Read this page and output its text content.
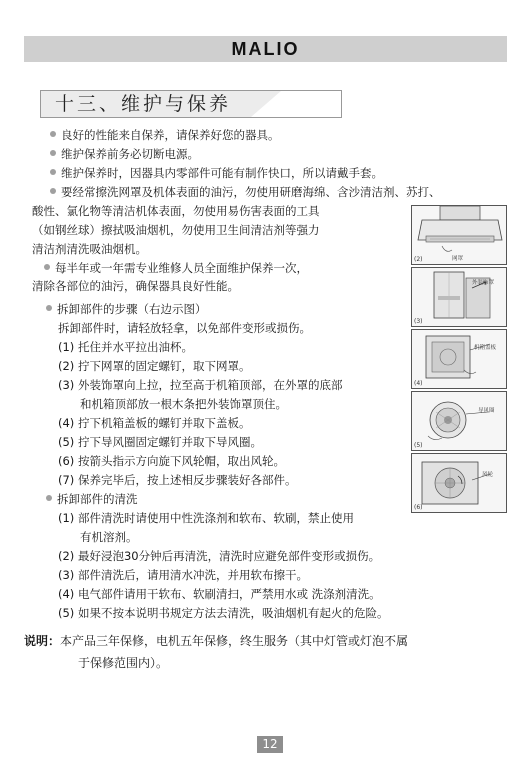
MALIO
十三、维护与保养
良好的性能来自保养，请保养好您的器具。
维护保养前务必切断电源。
维护保养时，因器具内零部件可能有制作快口，所以请戴手套。
要经常擦洗网罩及机体表面的油污，勿使用研磨海绵、含沙清洁剂、苏打、
酸性、氯化物等清洁机体表面，勿使用易伤害表面的工具
（如钢丝球）擦拭吸油烟机，勿使用卫生间清洁剂等强力
清洁剂清洗吸油烟机。
每半年或一年需专业维修人员全面维护保养一次，
清除各部位的油污，确保器具良好性能。
拆卸部件的步骤（右边示图）
拆卸部件时，请轻放轻拿，以免部件变形或损伤。
(1) 托住并水平拉出油杯。
(2) 拧下网罩的固定螺钉，取下网罩。
(3) 外装饰罩向上拉，拉至高于机箱顶部，在外罩的底部
和机箱顶部放一根木条把外装饰罩顶住。
(4) 拧下机箱盖板的螺钉并取下盖板。
(5) 拧下导风圈固定螺钉并取下导风圈。
(6) 按箭头指示方向旋下风轮帽，取出风轮。
(7) 保养完毕后，按上述相反步骤装好各部件。
拆卸部件的清洗
(1) 部件清洗时请使用中性洗涤剂和软布、软刷，禁止使用
有机溶剂。
(2) 最好浸泡30分钟后再清洗，清洗时应避免部件变形或损伤。
(3) 部件清洗后，请用清水冲洗，并用软布擦干。
(4) 电气部件请用干软布、软刷清扫，严禁用水或 洗涤剂清洗。
(5) 如果不按本说明书规定方法去清洗，吸油烟机有起火的危险。
(2)	网罩
(3)
外装饰罩
(4)
机箱盖板
(5)
导风圈
(6)
风轮
说明：本产品三年保修，电机五年保修，终生服务（其中灯管或灯泡不属
于保修范围内）。
12
